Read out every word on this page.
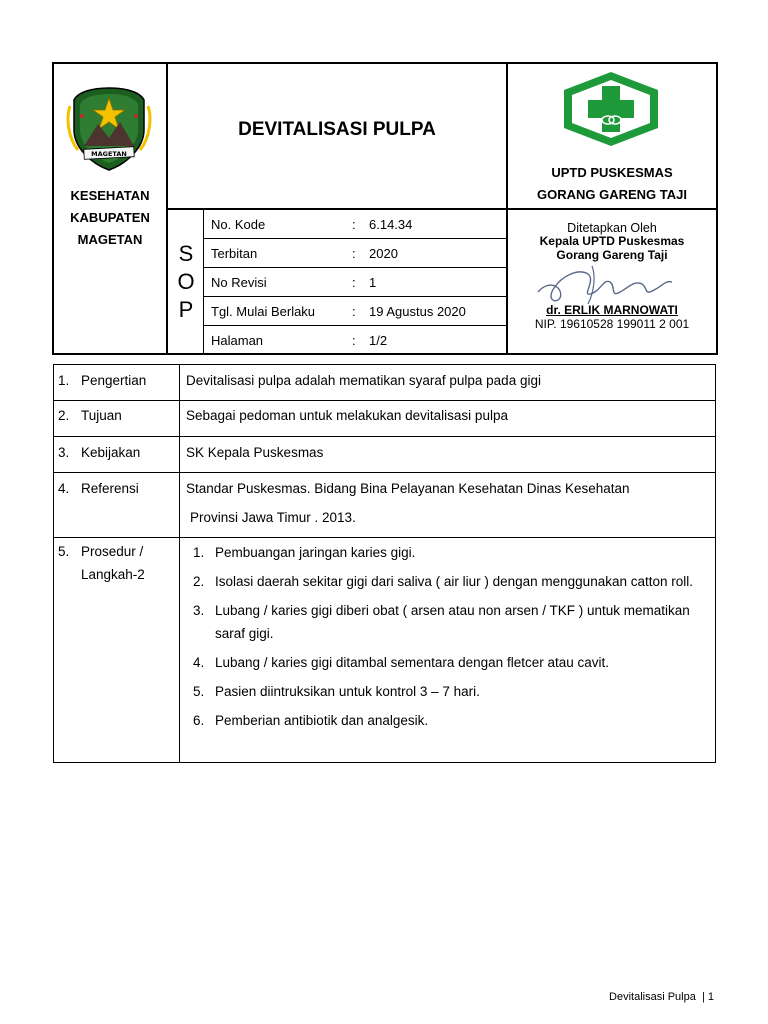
MAGETAN
KESEHATAN
KABUPATEN
MAGETAN
DEVITALISASI PULPA
UPTD PUSKESMAS
GORANG GARENG TAJI
S
O
P
No. Kode	: 6.14.34
Terbitan	: 2020
No Revisi	: 1
Tgl. Mulai Berlaku	: 19 Agustus 2020
Halaman	: 1/2
Ditetapkan Oleh
Kepala UPTD Puskesmas
Gorang Gareng Taji
dr. ERLIK MARNOWATI
NIP. 19610528 199011 2 001
1. Pengertian	Devitalisasi pulpa adalah mematikan syaraf pulpa pada gigi
2. Tujuan	Sebagai pedoman untuk melakukan devitalisasi pulpa
3. Kebijakan	SK Kepala Puskesmas
4. Referensi	Standar Puskesmas. Bidang Bina Pelayanan Kesehatan Dinas Kesehatan
Provinsi Jawa Timur . 2013.
5. Prosedur /
Langkah-2
1. Pembuangan jaringan karies gigi.
2. Isolasi daerah sekitar gigi dari saliva ( air liur ) dengan menggunakan catton roll.
3. Lubang / karies gigi diberi obat ( arsen atau non arsen / TKF ) untuk mematikan saraf gigi.
4. Lubang / karies gigi ditambal sementara dengan fletcer atau cavit.
5. Pasien diintruksikan untuk kontrol 3 – 7 hari.
6. Pemberian antibiotik dan analgesik.
Devitalisasi Pulpa  | 1
